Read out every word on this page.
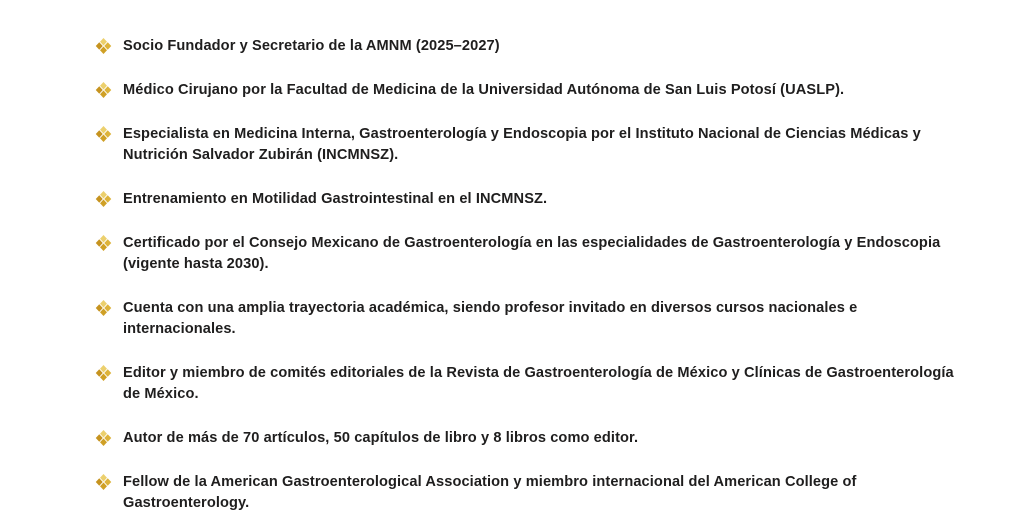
Socio Fundador y Secretario de la AMNM (2025–2027)
Médico Cirujano por la Facultad de Medicina de la Universidad Autónoma de San Luis Potosí (UASLP).
Especialista en Medicina Interna, Gastroenterología y Endoscopia por el Instituto Nacional de Ciencias Médicas y Nutrición Salvador Zubirán (INCMNSZ).
Entrenamiento en Motilidad Gastrointestinal en el INCMNSZ.
Certificado por el Consejo Mexicano de Gastroenterología en las especialidades de Gastroenterología y Endoscopia (vigente hasta 2030).
Cuenta con una amplia trayectoria académica, siendo profesor invitado en diversos cursos nacionales e internacionales.
Editor y miembro de comités editoriales de la Revista de Gastroenterología de México y Clínicas de Gastroenterología de México.
Autor de más de 70 artículos, 50 capítulos de libro y 8 libros como editor.
Fellow de la American Gastroenterological Association y miembro internacional del American College of Gastroenterology.
